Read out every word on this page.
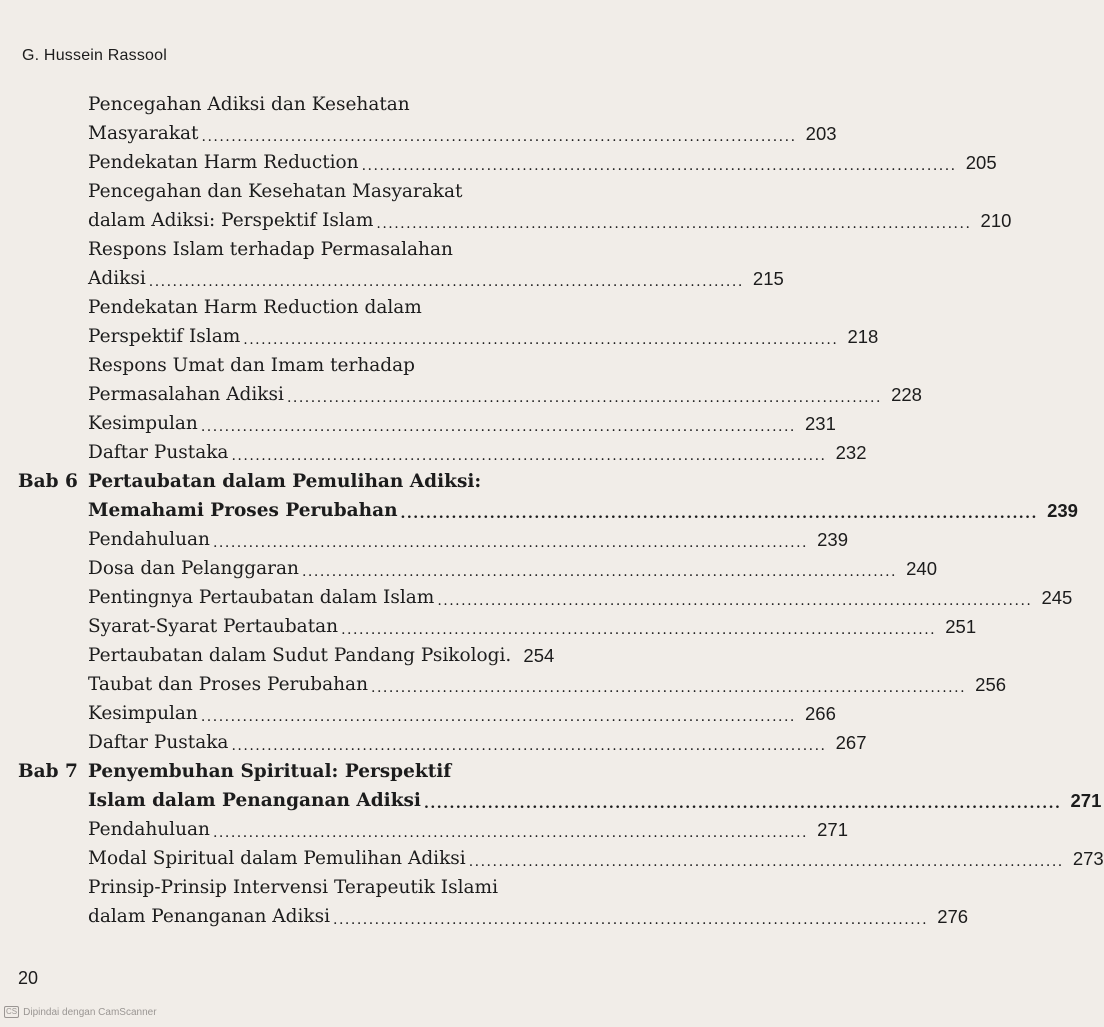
G. Hussein Rassool
Pencegahan Adiksi dan Kesehatan
Masyarakat .................................................................................................... 203
Pendekatan Harm Reduction .................................................................................................... 205
Pencegahan dan Kesehatan Masyarakat
dalam Adiksi: Perspektif Islam .................................................................................................... 210
Respons Islam terhadap Permasalahan
Adiksi .................................................................................................... 215
Pendekatan Harm Reduction dalam
Perspektif Islam .................................................................................................... 218
Respons Umat dan Imam terhadap
Permasalahan Adiksi .................................................................................................... 228
Kesimpulan .................................................................................................... 231
Daftar Pustaka .................................................................................................... 232
Bab 6 Pertaubatan dalam Pemulihan Adiksi:
Memahami Proses Perubahan .................................................................................................... 239
Pendahuluan .................................................................................................... 239
Dosa dan Pelanggaran .................................................................................................... 240
Pentingnya Pertaubatan dalam Islam .................................................................................................... 245
Syarat-Syarat Pertaubatan .................................................................................................... 251
Pertaubatan dalam Sudut Pandang Psikologi. 254
Taubat dan Proses Perubahan .................................................................................................... 256
Kesimpulan .................................................................................................... 266
Daftar Pustaka .................................................................................................... 267
Bab 7 Penyembuhan Spiritual: Perspektif
Islam dalam Penanganan Adiksi .................................................................................................... 271
Pendahuluan .................................................................................................... 271
Modal Spiritual dalam Pemulihan Adiksi .................................................................................................... 273
Prinsip-Prinsip Intervensi Terapeutik Islami
dalam Penanganan Adiksi .................................................................................................... 276
20
CS Dipindai dengan CamScanner
